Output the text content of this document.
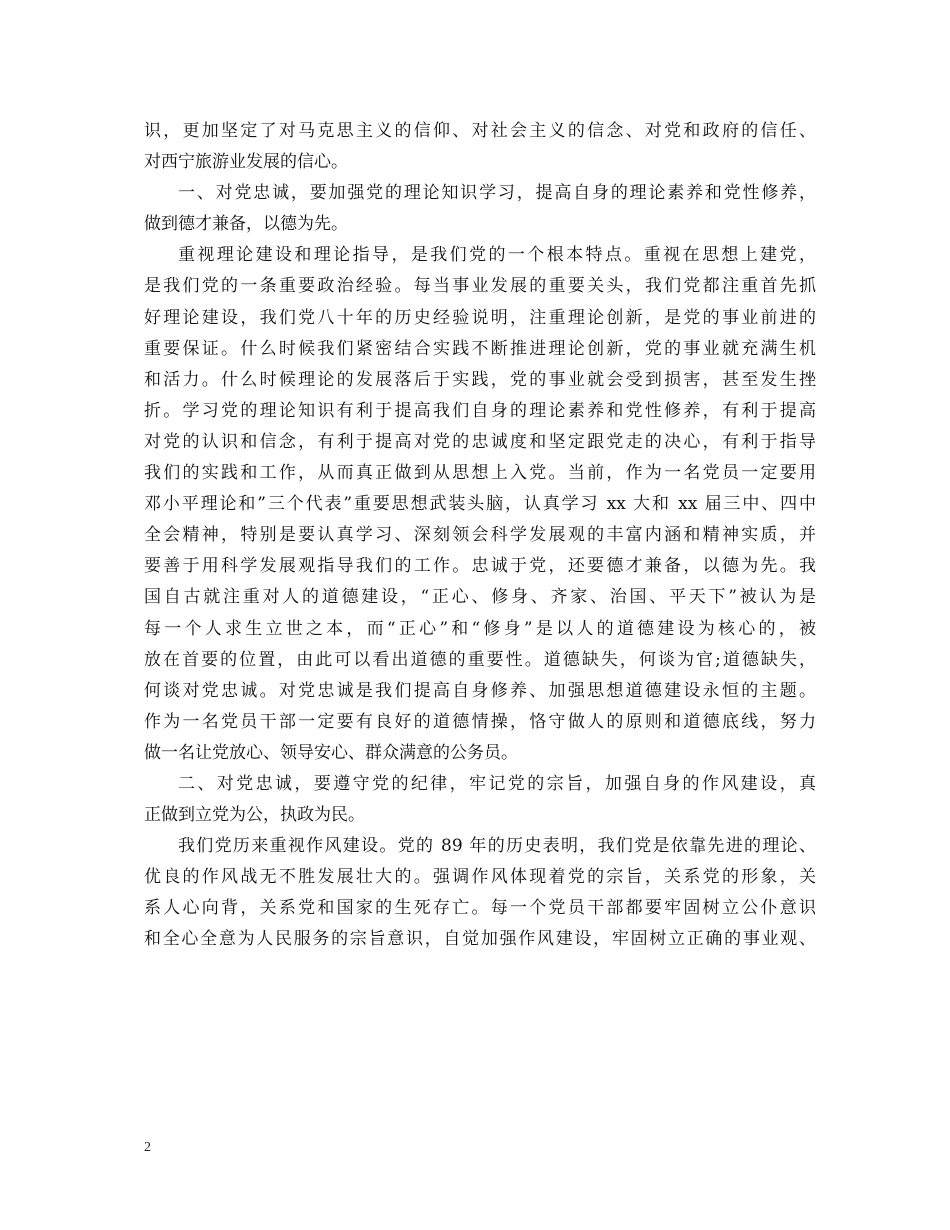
识，更加坚定了对马克思主义的信仰、对社会主义的信念、对党和政府的信任、
对西宁旅游业发展的信心。
一、对党忠诚，要加强党的理论知识学习，提高自身的理论素养和党性修养，
做到德才兼备，以德为先。
重视理论建设和理论指导，是我们党的一个根本特点。重视在思想上建党，
是我们党的一条重要政治经验。每当事业发展的重要关头，我们党都注重首先抓
好理论建设，我们党八十年的历史经验说明，注重理论创新，是党的事业前进的
重要保证。什么时候我们紧密结合实践不断推进理论创新，党的事业就充满生机
和活力。什么时候理论的发展落后于实践，党的事业就会受到损害，甚至发生挫
折。学习党的理论知识有利于提高我们自身的理论素养和党性修养，有利于提高
对党的认识和信念，有利于提高对党的忠诚度和坚定跟党走的决心，有利于指导
我们的实践和工作，从而真正做到从思想上入党。当前，作为一名党员一定要用
邓小平理论和”三个代表”重要思想武装头脑，认真学习 xx 大和 xx 届三中、四中
全会精神，特别是要认真学习、深刻领会科学发展观的丰富内涵和精神实质，并
要善于用科学发展观指导我们的工作。忠诚于党，还要德才兼备，以德为先。我
国自古就注重对人的道德建设，“正心、修身、齐家、治国、平天下”被认为是
每一个人求生立世之本，而“正心”和“修身”是以人的道德建设为核心的，被
放在首要的位置，由此可以看出道德的重要性。道德缺失，何谈为官;道德缺失，
何谈对党忠诚。对党忠诚是我们提高自身修养、加强思想道德建设永恒的主题。
作为一名党员干部一定要有良好的道德情操，恪守做人的原则和道德底线，努力
做一名让党放心、领导安心、群众满意的公务员。
二、对党忠诚，要遵守党的纪律，牢记党的宗旨，加强自身的作风建设，真
正做到立党为公，执政为民。
我们党历来重视作风建设。党的 89 年的历史表明，我们党是依靠先进的理论、
优良的作风战无不胜发展壮大的。强调作风体现着党的宗旨，关系党的形象，关
系人心向背，关系党和国家的生死存亡。每一个党员干部都要牢固树立公仆意识
和全心全意为人民服务的宗旨意识，自觉加强作风建设，牢固树立正确的事业观、
2
